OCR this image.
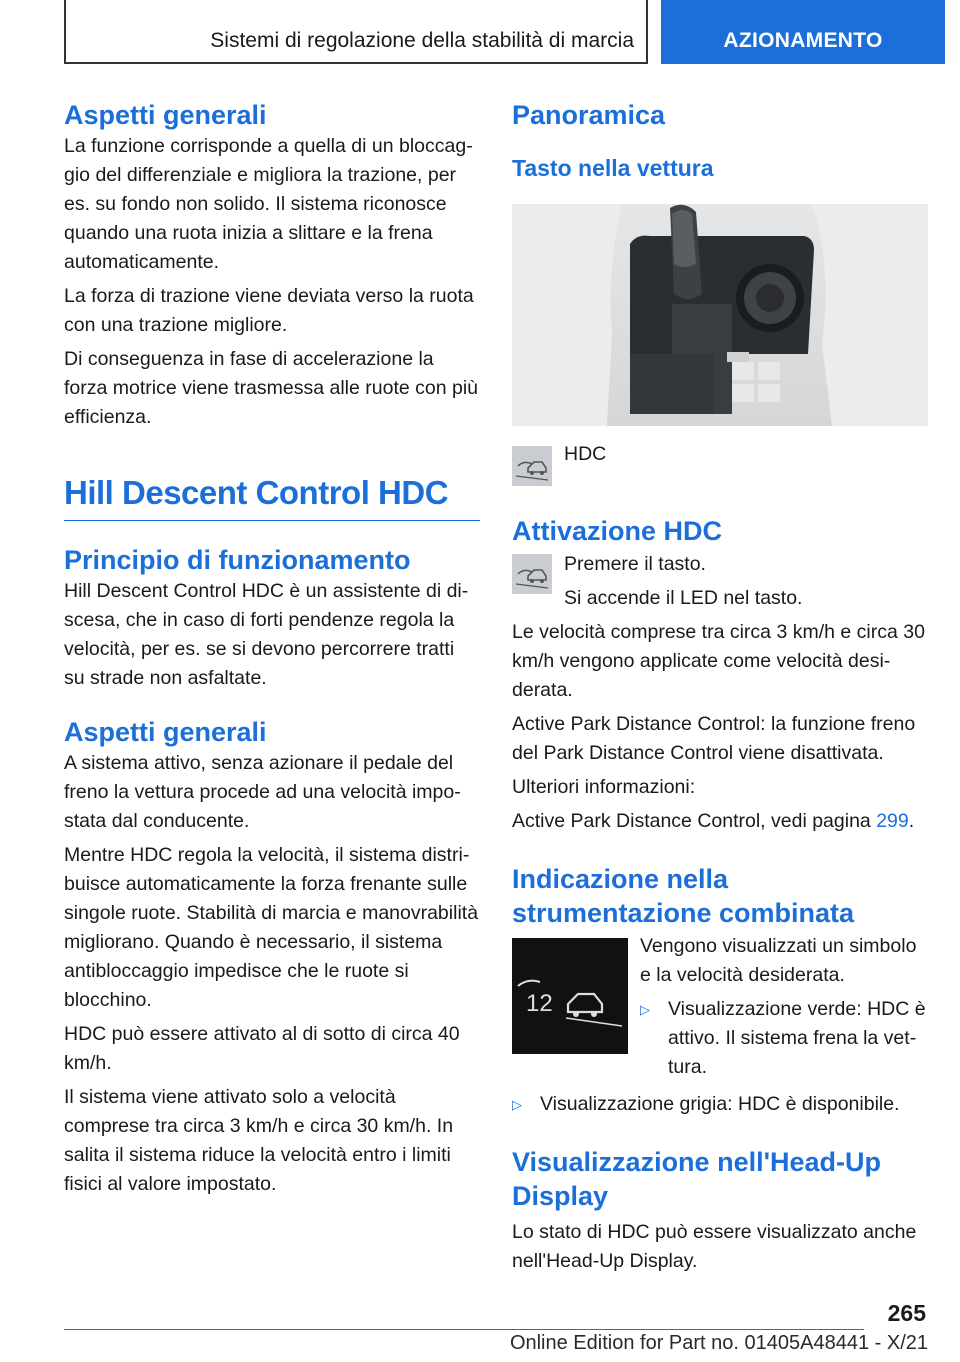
Sistemi di regolazione della stabilità di marcia	AZIONAMENTO
Aspetti generali

La funzione corrisponde a quella di un bloccaggio del differenziale e migliora la trazione, per es. su fondo non solido. Il sistema riconosce quando una ruota inizia a slittare e la frena automaticamente.

La forza di trazione viene deviata verso la ruota con una trazione migliore.

Di conseguenza in fase di accelerazione la forza motrice viene trasmessa alle ruote con più efficienza.

Hill Descent Control HDC
Principio di funzionamento

Hill Descent Control HDC è un assistente di discesa, che in caso di forti pendenze regola la velocità, per es. se si devono percorrere tratti su strade non asfaltate.

Aspetti generali

A sistema attivo, senza azionare il pedale del freno la vettura procede ad una velocità impostata dal conducente.

Mentre HDC regola la velocità, il sistema distribuisce automaticamente la forza frenante sulle singole ruote. Stabilità di marcia e manovrabilità migliorano. Quando è necessario, il sistema antibloccaggio impedisce che le ruote si blocchino.

HDC può essere attivato al di sotto di circa 40 km/h.

Il sistema viene attivato solo a velocità comprese tra circa 3 km/h e circa 30 km/h. In salita il sistema riduce la velocità entro i limiti fisici al valore impostato.

Panoramica
Tasto nella vettura

HDC

Attivazione HDC

Premere il tasto.

Si accende il LED nel tasto.

Le velocità comprese tra circa 3 km/h e circa 30 km/h vengono applicate come velocità desiderata.

Active Park Distance Control: la funzione freno del Park Distance Control viene disattivata.

Ulteriori informazioni:

Active Park Distance Control, vedi pagina 299.

Indicazione nella strumentazione combinata
12

Vengono visualizzati un simbolo e la velocità desiderata.

▷ Visualizzazione verde: HDC è attivo. Il sistema frena la vettura.

▷ Visualizzazione grigia: HDC è disponibile.

Visualizzazione nell'Head-Up Display

Lo stato di HDC può essere visualizzato anche nell'Head-Up Display.

265
Online Edition for Part no. 01405A48441 - X/21
